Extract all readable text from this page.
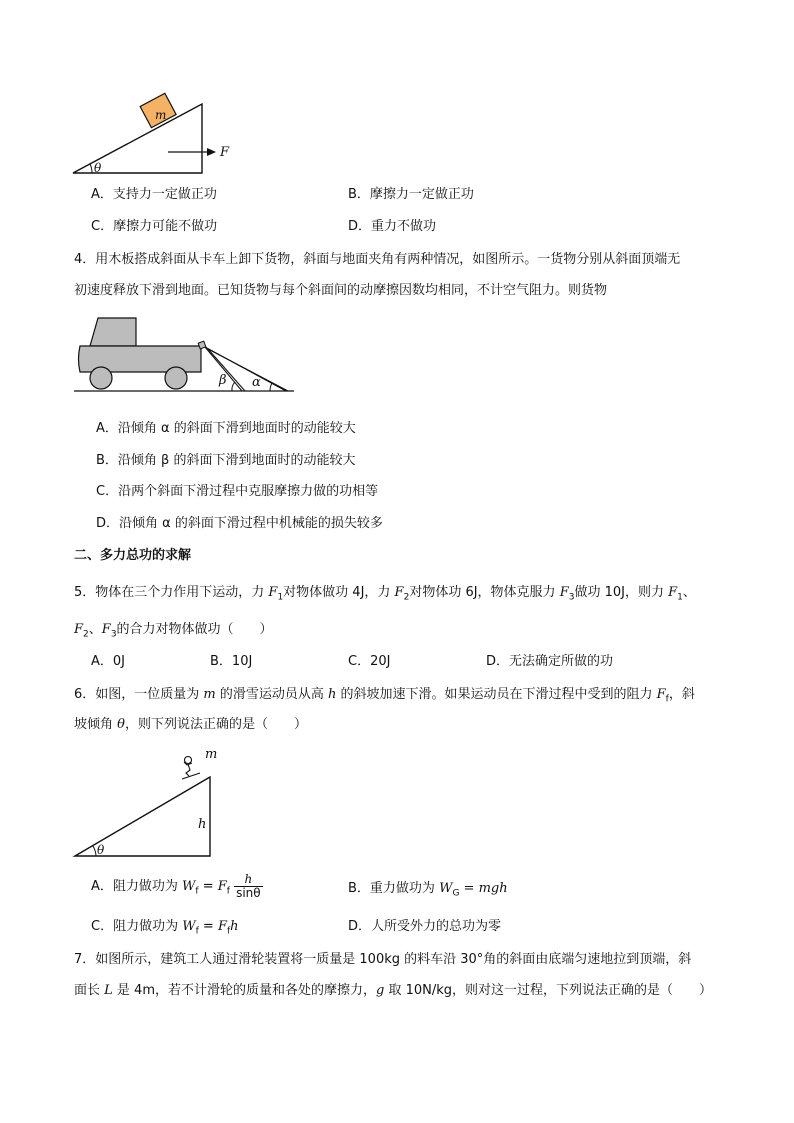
m
θ
F
A．支持力一定做正功	B．摩擦力一定做正功
C．摩擦力可能不做功	D．重力不做功
4．用木板搭成斜面从卡车上卸下货物，斜面与地面夹角有两种情况，如图所示。一货物分别从斜面顶端无
初速度释放下滑到地面。已知货物与每个斜面间的动摩擦因数均相同，不计空气阻力。则货物
β α
A．沿倾角 α 的斜面下滑到地面时的动能较大
B．沿倾角 β 的斜面下滑到地面时的动能较大
C．沿两个斜面下滑过程中克服摩擦力做的功相等
D．沿倾角 α 的斜面下滑过程中机械能的损失较多
二、多力总功的求解
5．物体在三个力作用下运动，力 $F_1$对物体做功 4J，力 $F_2$对物体功 6J，物体克服力 $F_3$做功 10J，则力 $F_1$、
$F_2$、$F_3$的合力对物体做功（　　）
A．0J	B．10J	C．20J	D．无法确定所做的功
6．如图，一位质量为 m 的滑雪运动员从高 h 的斜坡加速下滑。如果运动员在下滑过程中受到的阻力 $F_f$，斜
坡倾角 θ，则下列说法正确的是（　　）
m
h
θ
A．阻力做功为 $W_f = F_f \frac{h}{\sin\theta}$	B．重力做功为 $W_G$ = mgh
C．阻力做功为 $W_f = F_fh$	D．人所受外力的总功为零
7．如图所示，建筑工人通过滑轮装置将一质量是 100kg 的料车沿 30°角的斜面由底端匀速地拉到顶端，斜
面长 L 是 4m，若不计滑轮的质量和各处的摩擦力，g 取 10N/kg，则对这一过程，下列说法正确的是（　　）
